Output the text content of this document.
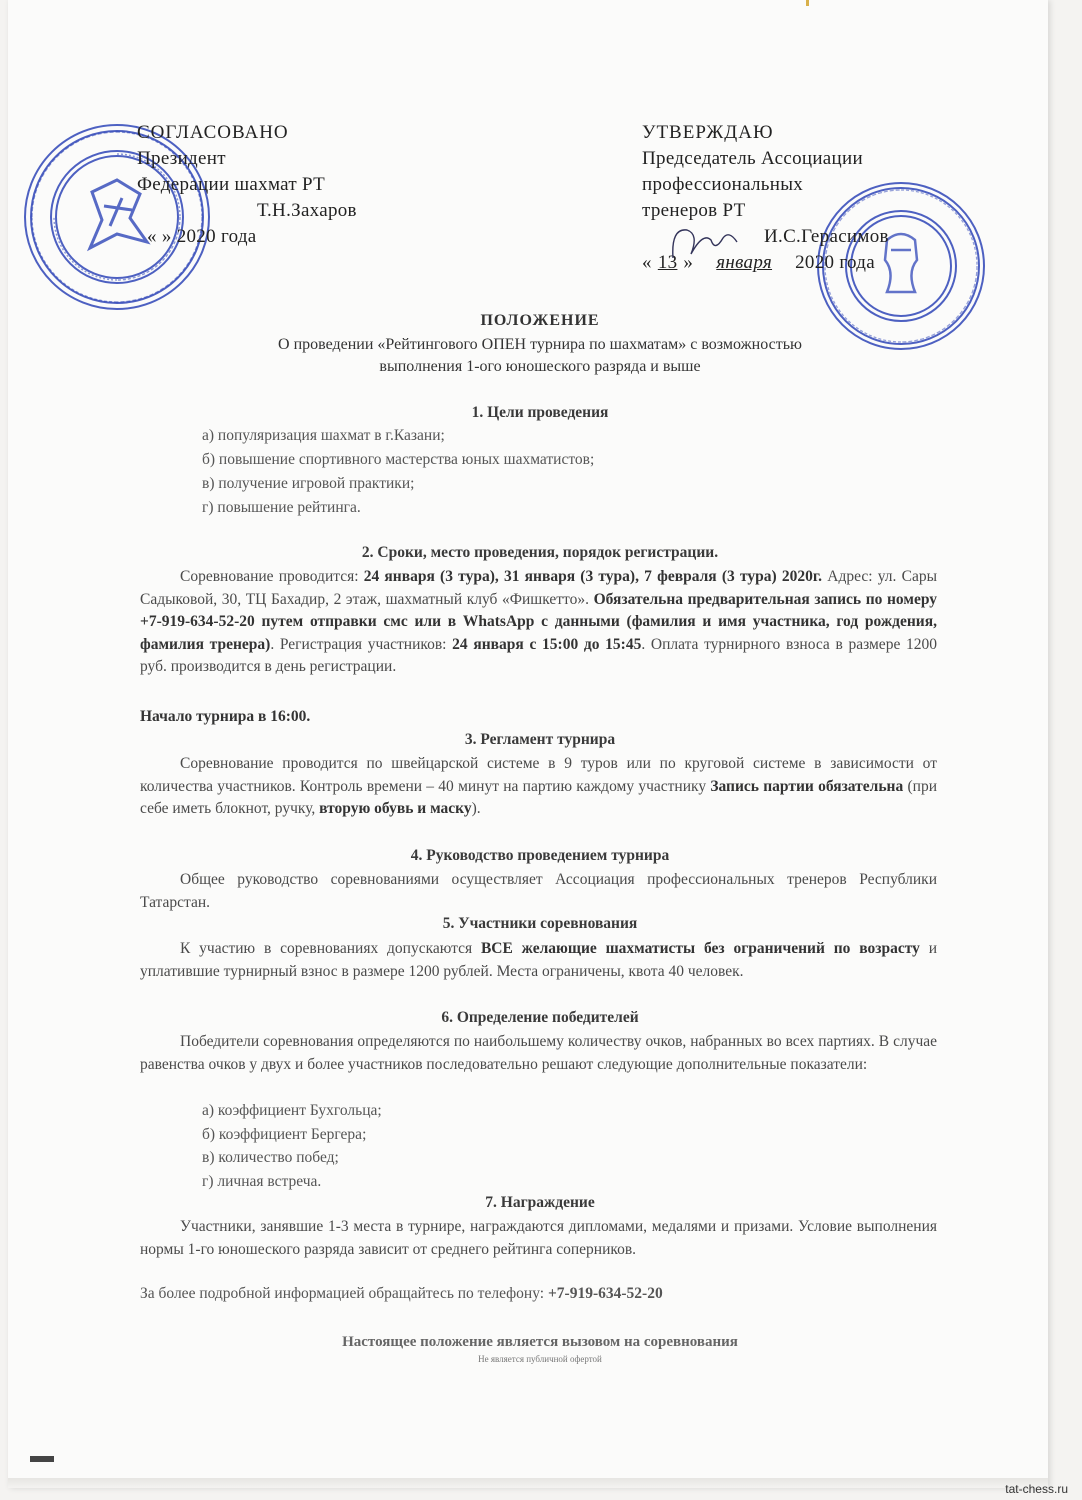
СОГЛАСОВАНО
Президент
Федерации шахмат РТ
Т.Н.Захаров
« » 2020 года
УТВЕРЖДАЮ
Председатель Ассоциации
профессиональных
тренеров РТ
И.С.Герасимов
« 13 » января 2020 года
ПОЛОЖЕНИЕ
О проведении «Рейтингового ОПЕН турнира по шахматам» с возможностью
выполнения 1-ого юношеского разряда и выше
1. Цели проведения
а) популяризация шахмат в г.Казани;
б) повышение спортивного мастерства юных шахматистов;
в) получение игровой практики;
г) повышение рейтинга.
2. Сроки, место проведения, порядок регистрации.
Соревнование проводится: 24 января (3 тура), 31 января (3 тура), 7 февраля (3 тура) 2020г. Адрес: ул. Сары Садыковой, 30, ТЦ Бахадир, 2 этаж, шахматный клуб «Фишкетто». Обязательна предварительная запись по номеру +7-919-634-52-20 путем отправки смс или в WhatsApp с данными (фамилия и имя участника, год рождения, фамилия тренера). Регистрация участников: 24 января с 15:00 до 15:45. Оплата турнирного взноса в размере 1200 руб. производится в день регистрации.
Начало турнира в 16:00.
3. Регламент турнира
Соревнование проводится по швейцарской системе в 9 туров или по круговой системе в зависимости от количества участников. Контроль времени – 40 минут на партию каждому участнику Запись партии обязательна (при себе иметь блокнот, ручку, вторую обувь и маску).
4. Руководство проведением турнира
Общее руководство соревнованиями осуществляет Ассоциация профессиональных тренеров Республики Татарстан.
5. Участники соревнования
К участию в соревнованиях допускаются ВСЕ желающие шахматисты без ограничений по возрасту и уплатившие турнирный взнос в размере 1200 рублей. Места ограничены, квота 40 человек.
6. Определение победителей
Победители соревнования определяются по наибольшему количеству очков, набранных во всех партиях. В случае равенства очков у двух и более участников последовательно решают следующие дополнительные показатели:
а) коэффициент Бухгольца;
б) коэффициент Бергера;
в) количество побед;
г) личная встреча.
7. Награждение
Участники, занявшие 1-3 места в турнире, награждаются дипломами, медалями и призами. Условие выполнения нормы 1-го юношеского разряда зависит от среднего рейтинга соперников.
За более подробной информацией обращайтесь по телефону: +7-919-634-52-20
Настоящее положение является вызовом на соревнования
Не является публичной офертой
tat-chess.ru
